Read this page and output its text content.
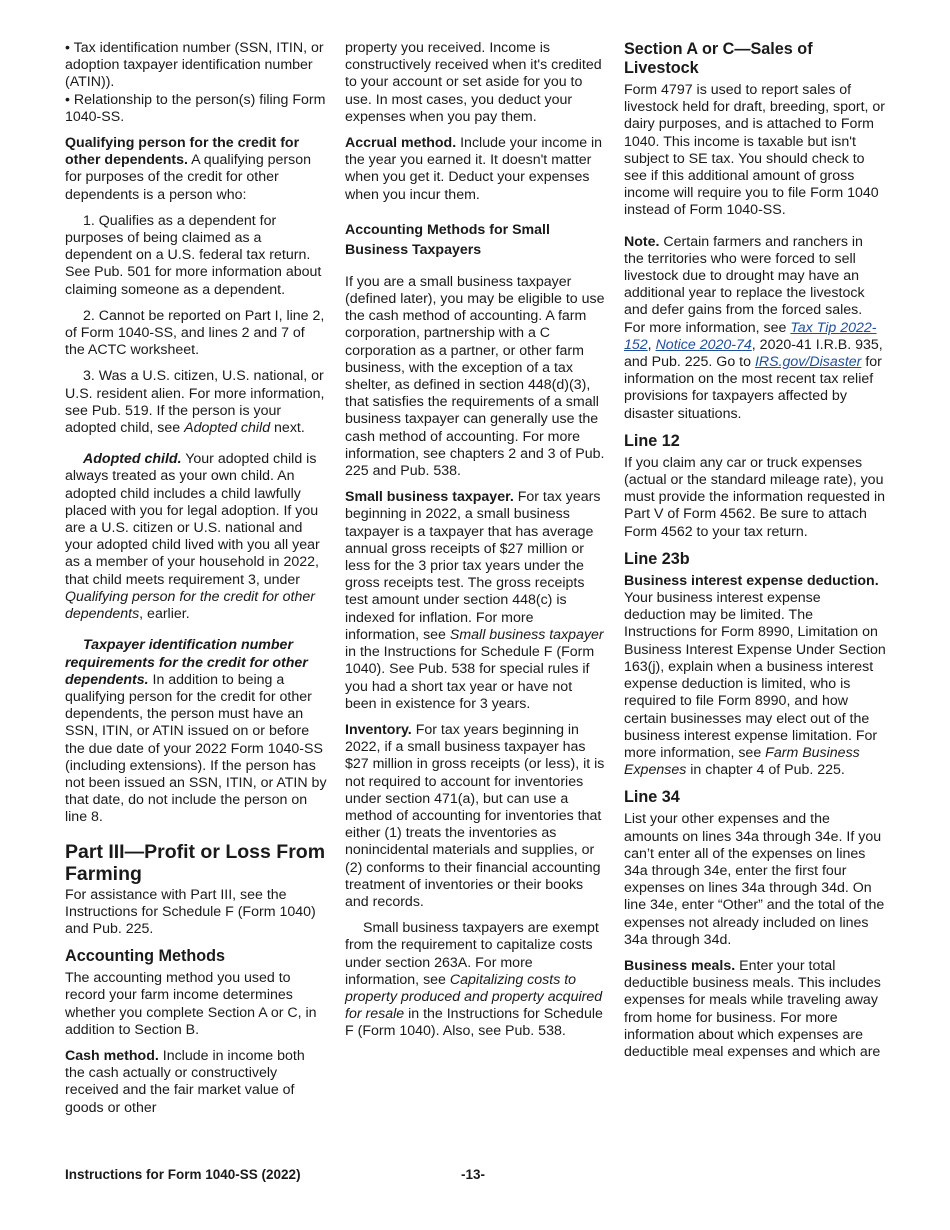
• Tax identification number (SSN, ITIN, or adoption taxpayer identification number (ATIN)).

• Relationship to the person(s) filing Form 1040-SS.

Qualifying person for the credit for other dependents. A qualifying person for purposes of the credit for other dependents is a person who:

1. Qualifies as a dependent for purposes of being claimed as a dependent on a U.S. federal tax return. See Pub. 501 for more information about claiming someone as a dependent.

2. Cannot be reported on Part I, line 2, of Form 1040-SS, and lines 2 and 7 of the ACTC worksheet.

3. Was a U.S. citizen, U.S. national, or U.S. resident alien. For more information, see Pub. 519. If the person is your adopted child, see Adopted child next.

Adopted child. Your adopted child is always treated as your own child. An adopted child includes a child lawfully placed with you for legal adoption. If you are a U.S. citizen or U.S. national and your adopted child lived with you all year as a member of your household in 2022, that child meets requirement 3, under Qualifying person for the credit for other dependents, earlier.

Taxpayer identification number requirements for the credit for other dependents. In addition to being a qualifying person for the credit for other dependents, the person must have an SSN, ITIN, or ATIN issued on or before the due date of your 2022 Form 1040-SS (including extensions). If the person has not been issued an SSN, ITIN, or ATIN by that date, do not include the person on line 8.

Part III—Profit or Loss From Farming

For assistance with Part III, see the Instructions for Schedule F (Form 1040) and Pub. 225.

Accounting Methods

The accounting method you used to record your farm income determines whether you complete Section A or C, in addition to Section B.

Cash method. Include in income both the cash actually or constructively received and the fair market value of goods or other

property you received. Income is constructively received when it's credited to your account or set aside for you to use. In most cases, you deduct your expenses when you pay them.

Accrual method. Include your income in the year you earned it. It doesn't matter when you get it. Deduct your expenses when you incur them.

Accounting Methods for Small Business Taxpayers

If you are a small business taxpayer (defined later), you may be eligible to use the cash method of accounting. A farm corporation, partnership with a C corporation as a partner, or other farm business, with the exception of a tax shelter, as defined in section 448(d)(3), that satisfies the requirements of a small business taxpayer can generally use the cash method of accounting. For more information, see chapters 2 and 3 of Pub. 225 and Pub. 538.

Small business taxpayer. For tax years beginning in 2022, a small business taxpayer is a taxpayer that has average annual gross receipts of $27 million or less for the 3 prior tax years under the gross receipts test. The gross receipts test amount under section 448(c) is indexed for inflation. For more information, see Small business taxpayer in the Instructions for Schedule F (Form 1040). See Pub. 538 for special rules if you had a short tax year or have not been in existence for 3 years.

Inventory. For tax years beginning in 2022, if a small business taxpayer has $27 million in gross receipts (or less), it is not required to account for inventories under section 471(a), but can use a method of accounting for inventories that either (1) treats the inventories as nonincidental materials and supplies, or (2) conforms to their financial accounting treatment of inventories or their books and records.

Small business taxpayers are exempt from the requirement to capitalize costs under section 263A. For more information, see Capitalizing costs to property produced and property acquired for resale in the Instructions for Schedule F (Form 1040). Also, see Pub. 538.

Section A or C—Sales of Livestock

Form 4797 is used to report sales of livestock held for draft, breeding, sport, or dairy purposes, and is attached to Form 1040. This income is taxable but isn't subject to SE tax. You should check to see if this additional amount of gross income will require you to file Form 1040 instead of Form 1040-SS.

Note. Certain farmers and ranchers in the territories who were forced to sell livestock due to drought may have an additional year to replace the livestock and defer gains from the forced sales. For more information, see Tax Tip 2022-152, Notice 2020-74, 2020-41 I.R.B. 935, and Pub. 225. Go to IRS.gov/Disaster for information on the most recent tax relief provisions for taxpayers affected by disaster situations.

Line 12

If you claim any car or truck expenses (actual or the standard mileage rate), you must provide the information requested in Part V of Form 4562. Be sure to attach Form 4562 to your tax return.

Line 23b

Business interest expense deduction. Your business interest expense deduction may be limited. The Instructions for Form 8990, Limitation on Business Interest Expense Under Section 163(j), explain when a business interest expense deduction is limited, who is required to file Form 8990, and how certain businesses may elect out of the business interest expense limitation. For more information, see Farm Business Expenses in chapter 4 of Pub. 225.

Line 34

List your other expenses and the amounts on lines 34a through 34e. If you can’t enter all of the expenses on lines 34a through 34e, enter the first four expenses on lines 34a through 34d. On line 34e, enter “Other” and the total of the expenses not already included on lines 34a through 34d.

Business meals. Enter your total deductible business meals. This includes expenses for meals while traveling away from home for business. For more information about which expenses are deductible meal expenses and which are

Instructions for Form 1040-SS (2022)	-13-
